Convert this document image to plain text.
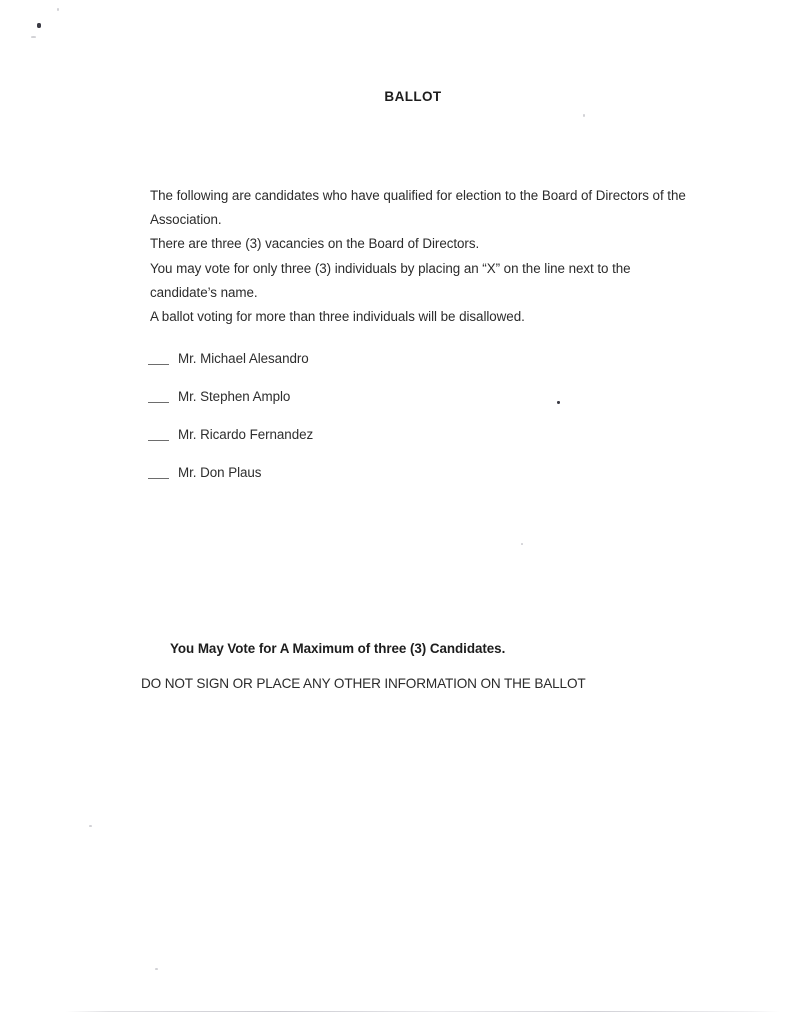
BALLOT
The following are candidates who have qualified for election to the Board of Directors of the Association.
There are three (3) vacancies on the Board of Directors.
You may vote for only three (3) individuals by placing an “X” on the line next to the candidate’s name.
A ballot voting for more than three individuals will be disallowed.
Mr. Michael Alesandro
Mr. Stephen Amplo
Mr. Ricardo Fernandez
Mr. Don Plaus
You May Vote for A Maximum of three (3) Candidates.
DO NOT SIGN OR PLACE ANY OTHER INFORMATION ON THE BALLOT
